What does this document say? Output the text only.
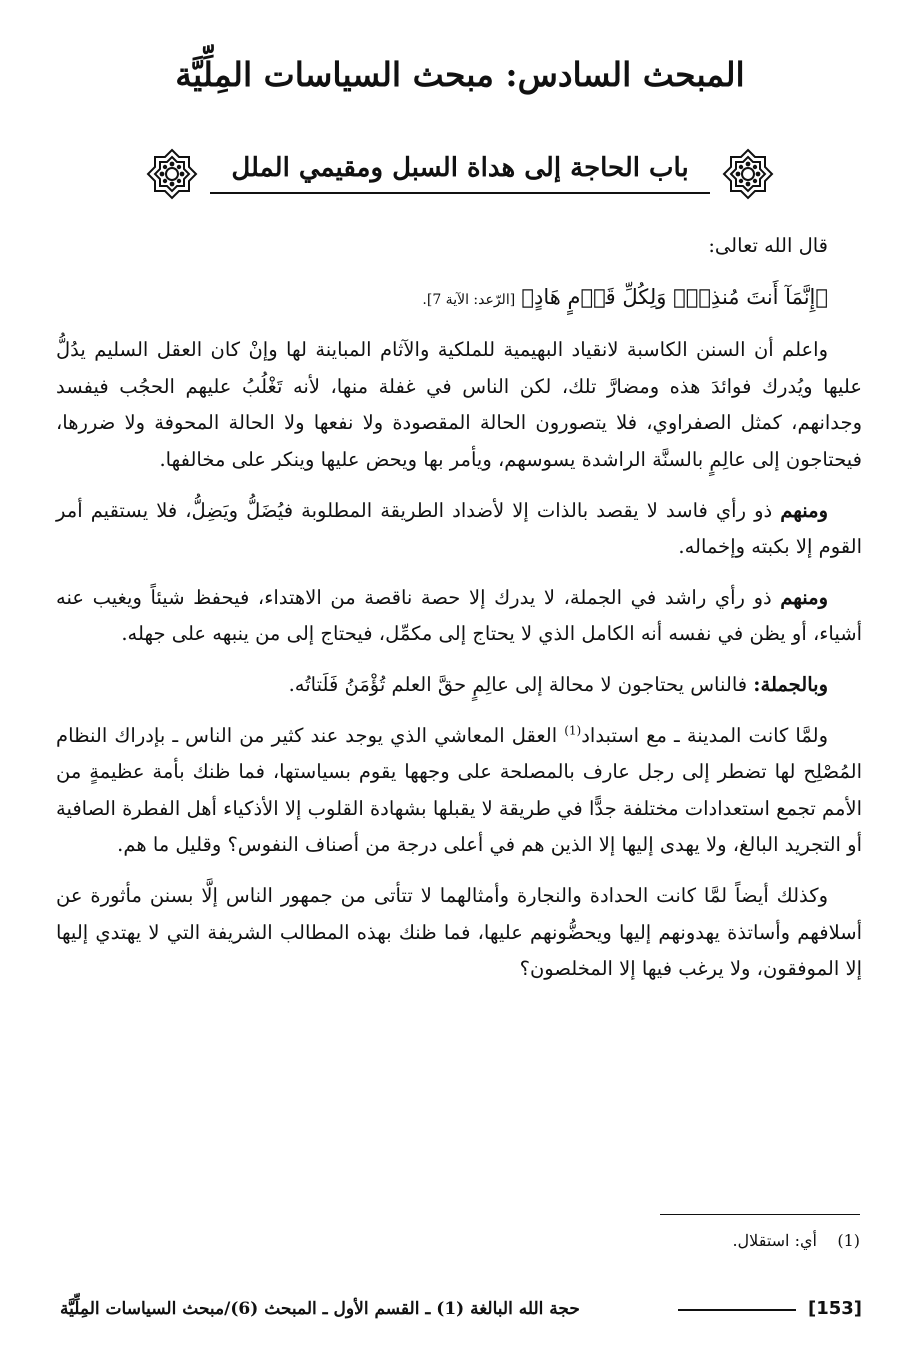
المبحث السادس: مبحث السياسات المِلِّيَّة
باب الحاجة إلى هداة السبل ومقيمي الملل

قال الله تعالى:

﴿إِنَّمَآ أَنتَ مُنذِرٌۖ وَلِكُلِّ قَوۡمٍ هَادٍ﴾ [الرّعد: الآية 7].

واعلم أن السنن الكاسبة لانقياد البهيمية للملكية والآثام المباينة لها وإنْ كان العقل السليم يدُلُّ عليها ويُدرك فوائدَ هذه ومضارَّ تلك، لكن الناس في غفلة منها، لأنه تَغْلُبُ عليهم الحجُب فيفسد وجدانهم، كمثل الصفراوي، فلا يتصورون الحالة المقصودة ولا نفعها ولا الحالة المحوفة ولا ضررها، فيحتاجون إلى عالِمٍ بالسنَّة الراشدة يسوسهم، ويأمر بها ويحض عليها وينكر على مخالفها.

ومنهم ذو رأي فاسد لا يقصد بالذات إلا لأضداد الطريقة المطلوبة فيُضَلُّ ويَضِلُّ، فلا يستقيم أمر القوم إلا بكبته وإخماله.

ومنهم ذو رأي راشد في الجملة، لا يدرك إلا حصة ناقصة من الاهتداء، فيحفظ شيئاً ويغيب عنه أشياء، أو يظن في نفسه أنه الكامل الذي لا يحتاج إلى مكمِّل، فيحتاج إلى من ينبهه على جهله.

وبالجملة: فالناس يحتاجون لا محالة إلى عالِمٍ حقَّ العلم تُؤْمَنُ فَلَتاتُه.

ولمَّا كانت المدينة ـ مع استبداد$^{(1)}$ العقل المعاشي الذي يوجد عند كثير من الناس ـ بإدراك النظام المُصْلِح لها تضطر إلى رجل عارف بالمصلحة على وجهها يقوم بسياستها، فما ظنك بأمة عظيمةٍ من الأمم تجمع استعدادات مختلفة جدًّا في طريقة لا يقبلها بشهادة القلوب إلا الأذكياء أهل الفطرة الصافية أو التجريد البالغ، ولا يهدى إليها إلا الذين هم في أعلى درجة من أصناف النفوس؟ وقليل ما هم.

وكذلك أيضاً لمَّا كانت الحدادة والنجارة وأمثالهما لا تتأتى من جمهور الناس إلَّا بسنن مأثورة عن أسلافهم وأساتذة يهدونهم إليها ويحضُّونهم عليها، فما ظنك بهذه المطالب الشريفة التي لا يهتدي إليها إلا الموفقون، ولا يرغب فيها إلا المخلصون؟

(1)    أي: استقلال.
حجة الله البالغة (1) ـ القسم الأول ـ المبحث (6)/مبحث السياسات المِلِّيَّة	[153]
